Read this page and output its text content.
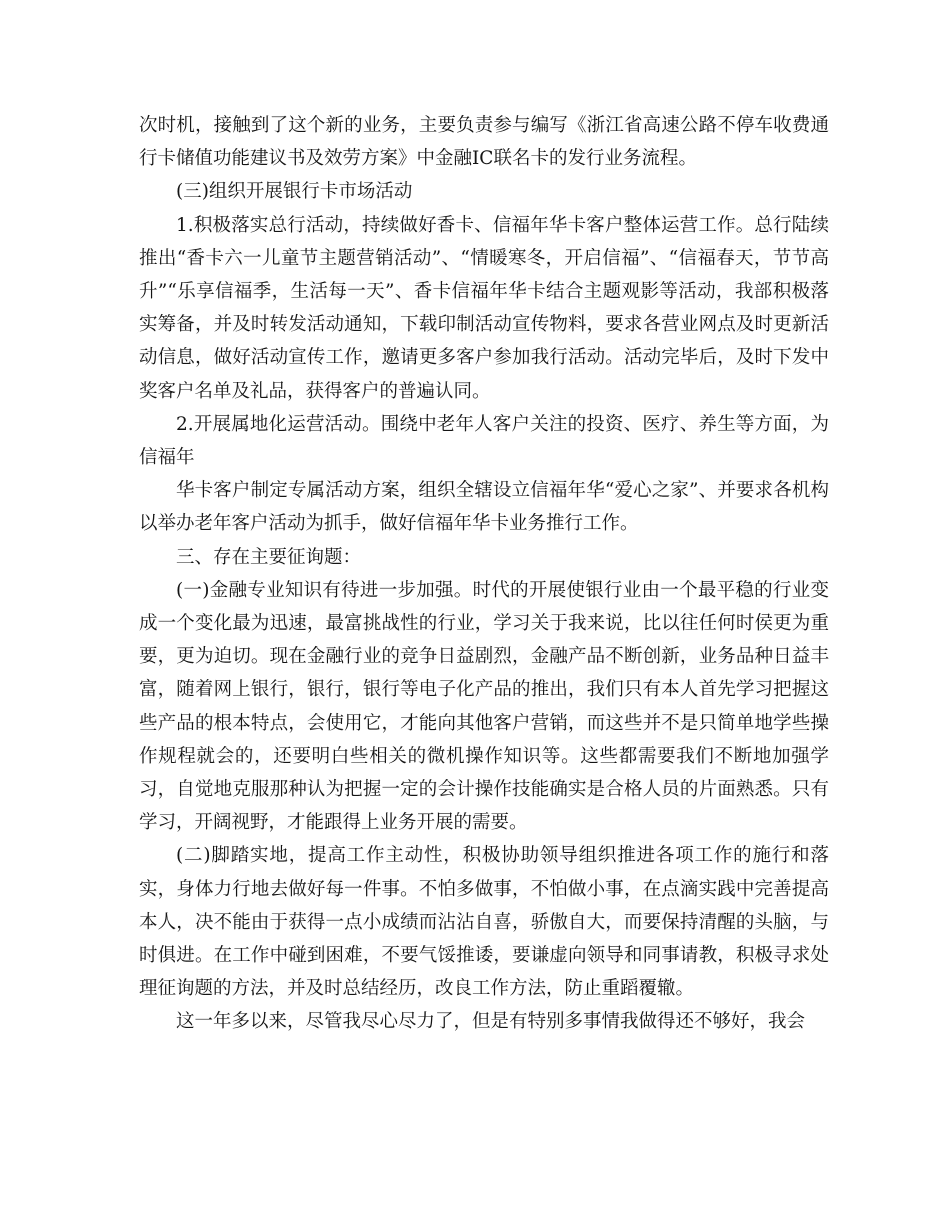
次时机，接触到了这个新的业务，主要负责参与编写《浙江省高速公路不停车收费通行卡储值功能建议书及效劳方案》中金融IC联名卡的发行业务流程。

(三)组织开展银行卡市场活动

1.积极落实总行活动，持续做好香卡、信福年华卡客户整体运营工作。总行陆续推出“香卡六一儿童节主题营销活动”、“情暖寒冬，开启信福”、“信福春天，节节高升”“乐享信福季，生活每一天”、香卡信福年华卡结合主题观影等活动，我部积极落实筹备，并及时转发活动通知，下载印制活动宣传物料，要求各营业网点及时更新活动信息，做好活动宣传工作，邀请更多客户参加我行活动。活动完毕后，及时下发中奖客户名单及礼品，获得客户的普遍认同。

2.开展属地化运营活动。围绕中老年人客户关注的投资、医疗、养生等方面，为信福年

华卡客户制定专属活动方案，组织全辖设立信福年华“爱心之家”、并要求各机构以举办老年客户活动为抓手，做好信福年华卡业务推行工作。

三、存在主要征询题：

(一)金融专业知识有待进一步加强。时代的开展使银行业由一个最平稳的行业变成一个变化最为迅速，最富挑战性的行业，学习关于我来说，比以往任何时侯更为重要，更为迫切。现在金融行业的竞争日益剧烈，金融产品不断创新，业务品种日益丰富，随着网上银行，银行，银行等电子化产品的推出，我们只有本人首先学习把握这些产品的根本特点，会使用它，才能向其他客户营销，而这些并不是只简单地学些操作规程就会的，还要明白些相关的微机操作知识等。这些都需要我们不断地加强学习，自觉地克服那种认为把握一定的会计操作技能确实是合格人员的片面熟悉。只有学习，开阔视野，才能跟得上业务开展的需要。

(二)脚踏实地，提高工作主动性，积极协助领导组织推进各项工作的施行和落实，身体力行地去做好每一件事。不怕多做事，不怕做小事，在点滴实践中完善提高本人，决不能由于获得一点小成绩而沾沾自喜，骄傲自大，而要保持清醒的头脑，与时俱进。在工作中碰到困难，不要气馁推诿，要谦虚向领导和同事请教，积极寻求处理征询题的方法，并及时总结经历，改良工作方法，防止重蹈覆辙。

这一年多以来，尽管我尽心尽力了，但是有特别多事情我做得还不够好，我会
